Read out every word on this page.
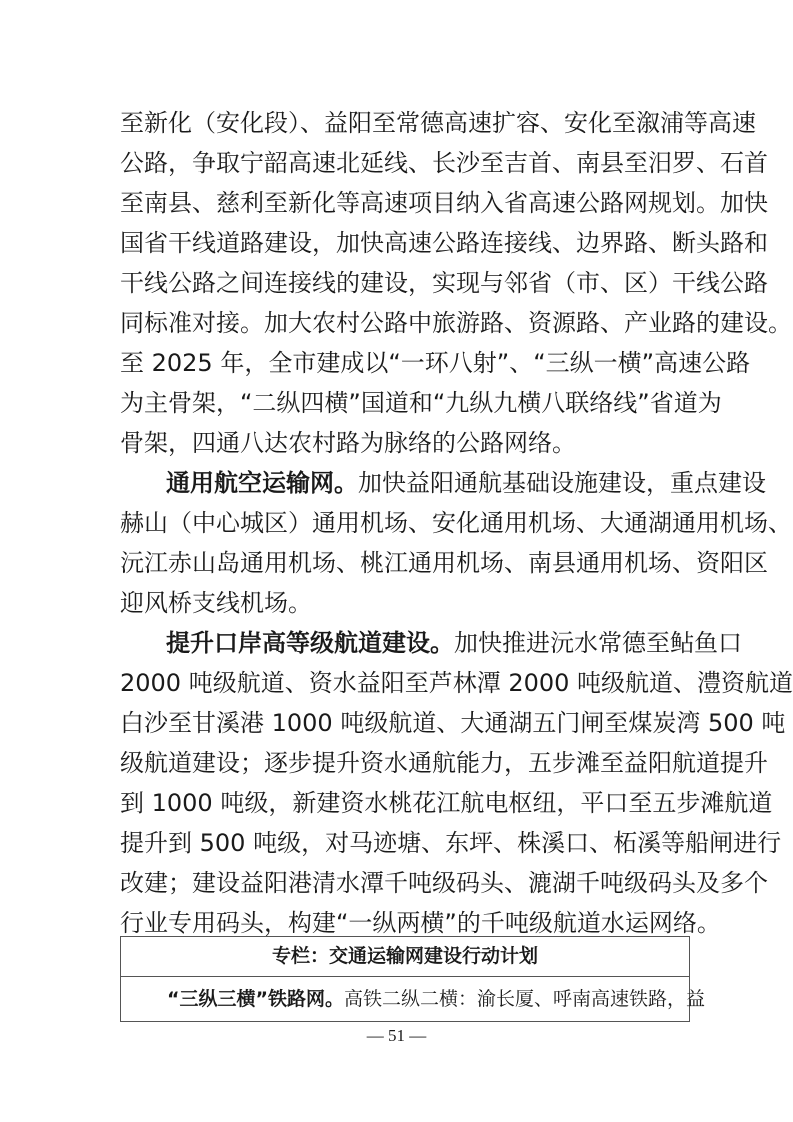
至新化（安化段）、益阳至常德高速扩容、安化至溆浦等高速
公路，争取宁韶高速北延线、长沙至吉首、南县至汨罗、石首
至南县、慈利至新化等高速项目纳入省高速公路网规划。加快
国省干线道路建设，加快高速公路连接线、边界路、断头路和
干线公路之间连接线的建设，实现与邻省（市、区）干线公路
同标准对接。加大农村公路中旅游路、资源路、产业路的建设。
至 2025 年，全市建成以“一环八射”、“三纵一横”高速公路
为主骨架，“二纵四横”国道和“九纵九横八联络线”省道为
骨架，四通八达农村路为脉络的公路网络。
通用航空运输网。加快益阳通航基础设施建设，重点建设
赫山（中心城区）通用机场、安化通用机场、大通湖通用机场、
沅江赤山岛通用机场、桃江通用机场、南县通用机场、资阳区
迎风桥支线机场。
提升口岸高等级航道建设。加快推进沅水常德至鲇鱼口
2000 吨级航道、资水益阳至芦林潭 2000 吨级航道、澧资航道
白沙至甘溪港 1000 吨级航道、大通湖五门闸至煤炭湾 500 吨
级航道建设；逐步提升资水通航能力，五步滩至益阳航道提升
到 1000 吨级，新建资水桃花江航电枢纽，平口至五步滩航道
提升到 500 吨级，对马迹塘、东坪、株溪口、柘溪等船闸进行
改建；建设益阳港清水潭千吨级码头、漉湖千吨级码头及多个
行业专用码头，构建“一纵两横”的千吨级航道水运网络。
专栏：交通运输网建设行动计划
“三纵三横”铁路网。高铁二纵二横：渝长厦、呼南高速铁路，益
— 51 —
